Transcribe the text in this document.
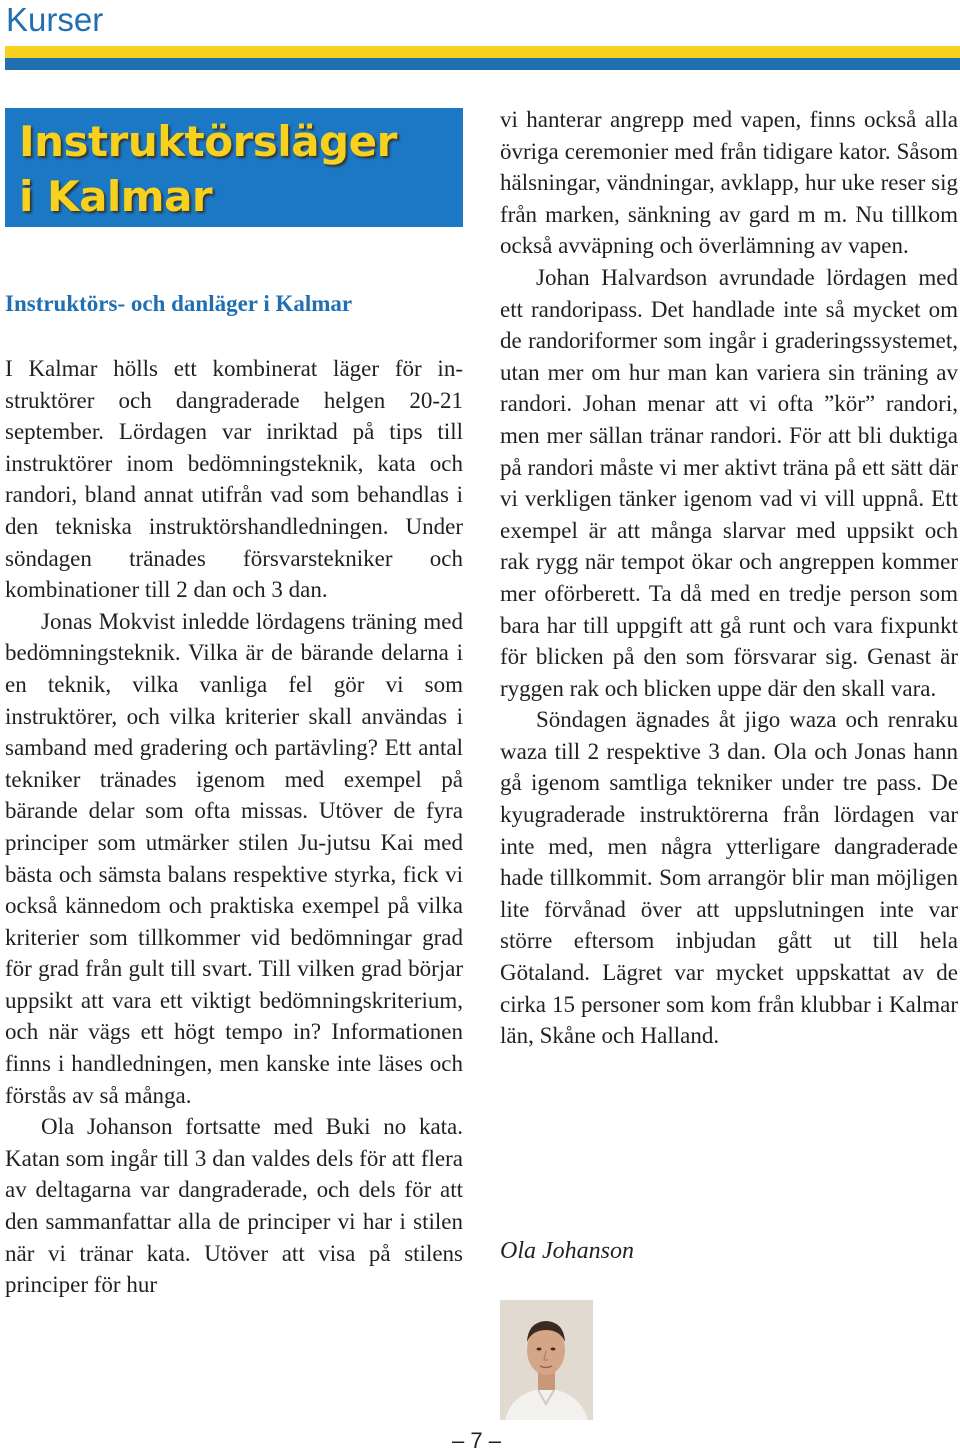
Kurser
Instruktörsläger
i Kalmar
Instruktörs- och danläger i Kalmar

I Kalmar hölls ett kombinerat läger för instruktörer och dangraderade helgen 20-21 september. Lördagen var inriktad på tips till instruktörer inom bedömningsteknik, kata och randori, bland annat utifrån vad som behandlas i den tekniska instruktörshandledningen. Under söndagen tränades försvarstekniker och kombinationer till 2 dan och 3 dan.

Jonas Mokvist inledde lördagens träning med bedömningsteknik. Vilka är de bärande delarna i en teknik, vilka vanliga fel gör vi som instruktörer, och vilka kriterier skall användas i samband med gradering och partävling? Ett antal tekniker tränades igenom med exempel på bärande delar som ofta missas. Utöver de fyra principer som utmärker stilen Ju-jutsu Kai med bästa och sämsta balans respektive styrka, fick vi också kännedom och praktiska exempel på vilka kriterier som tillkommer vid bedömningar grad för grad från gult till svart. Till vilken grad börjar uppsikt att vara ett viktigt bedömningskriterium, och när vägs ett högt tempo in? Informationen finns i handledningen, men kanske inte läses och förstås av så många.

Ola Johanson fortsatte med Buki no kata. Katan som ingår till 3 dan valdes dels för att flera av deltagarna var dangraderade, och dels för att den sammanfattar alla de principer vi har i stilen när vi tränar kata. Utöver att visa på stilens principer för hur

vi hanterar angrepp med vapen, finns också alla övriga ceremonier med från tidigare kator. Såsom hälsningar, vändningar, avklapp, hur uke reser sig från marken, sänkning av gard m m. Nu tillkom också avväpning och överlämning av vapen.

Johan Halvardson avrundade lördagen med ett randoripass. Det handlade inte så mycket om de randoriformer som ingår i graderingssystemet, utan mer om hur man kan variera sin träning av randori. Johan menar att vi ofta ”kör” randori, men mer sällan tränar randori. För att bli duktiga på randori måste vi mer aktivt träna på ett sätt där vi verkligen tänker igenom vad vi vill uppnå. Ett exempel är att många slarvar med uppsikt och rak rygg när tempot ökar och angreppen kommer mer oförberett. Ta då med en tredje person som bara har till uppgift att gå runt och vara fixpunkt för blicken på den som försvarar sig. Genast är ryggen rak och blicken uppe där den skall vara.

Söndagen ägnades åt jigo waza och renraku waza till 2 respektive 3 dan. Ola och Jonas hann gå igenom samtliga tekniker under tre pass. De kyugraderade instruktörerna från lördagen var inte med, men några ytterligare dangraderade hade tillkommit. Som arrangör blir man möjligen lite förvånad över att uppslutningen inte var större eftersom inbjudan gått ut till hela Götaland. Lägret var mycket uppskattat av de cirka 15 personer som kom från klubbar i Kalmar län, Skåne och Halland.

Ola Johanson
– 7 –
